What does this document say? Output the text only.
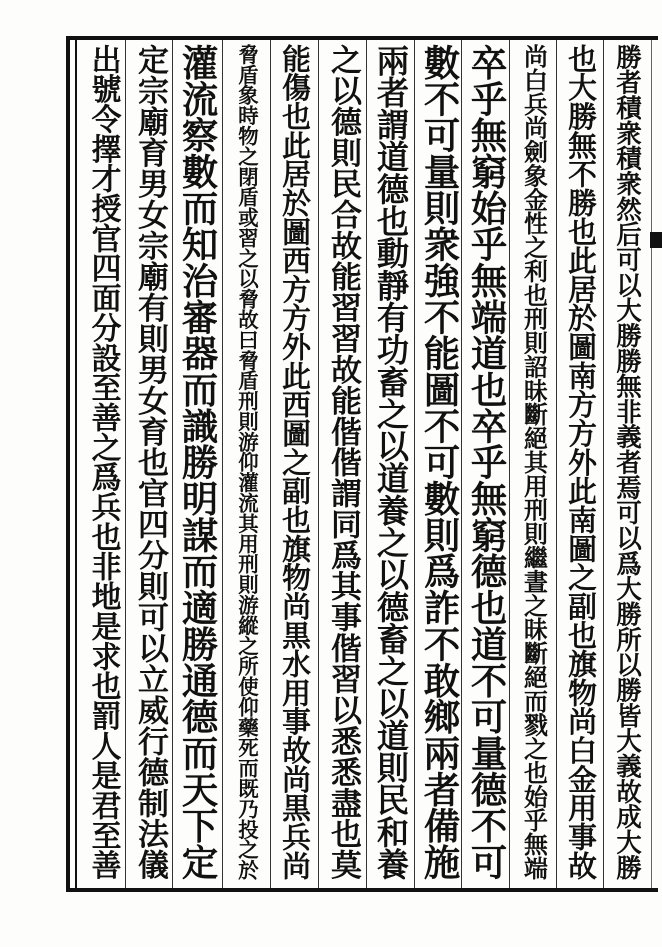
勝者積衆積衆然后可以大勝勝無非義者焉可以爲大勝所以勝皆大義故成大勝
也大勝無不勝也此居於圖南方方外此南圖之副也旗物尚白金用事故
尚白兵尚劍象金性之利也刑則詔昧斷絕其用刑則繼晝之昧斷絕而戮之也始乎無端
卒乎無窮始乎無端道也卒乎無窮德也道不可量德不可
數不可量則衆強不能圖不可數則爲詐不敢鄉兩者備施
兩者謂道德也動靜有功畜之以道養之以德畜之以道則民和養
之以德則民合故能習習故能偕偕謂同爲其事偕習以悉悉盡也莫
能傷也此居於圖西方方外此西圖之副也旗物尚黒水用事故尚黒兵尚
脅盾象時物之閉盾或習之以脅故曰脅盾刑則游仰灌流其用刑則游縱之所使仰藥死而既乃投之於
灌流察數而知治審器而識勝明謀而適勝通德而天下定
定宗廟育男女宗廟有則男女育也官四分則可以立威行德制法儀
出號令擇才授官四面分設至善之爲兵也非地是求也罰人是君至善
